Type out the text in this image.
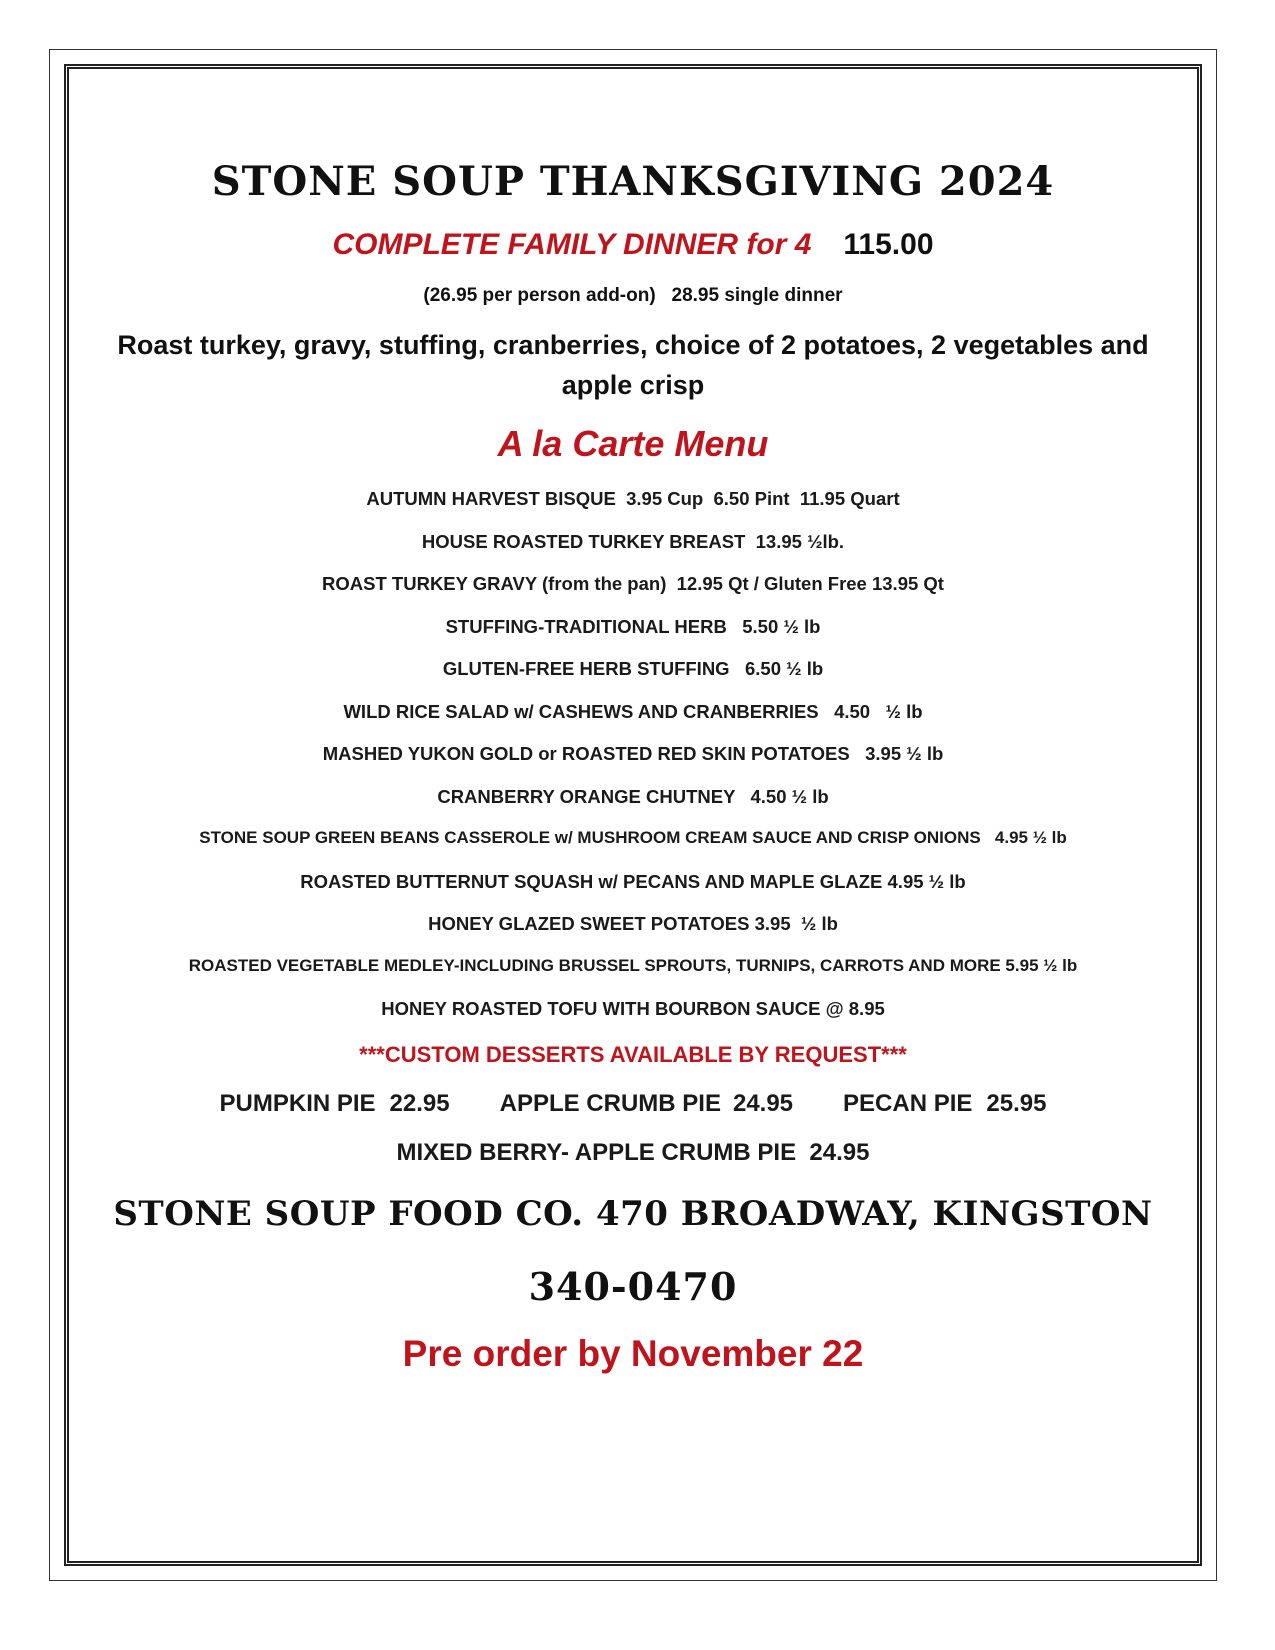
STONE SOUP THANKSGIVING 2024
COMPLETE FAMILY DINNER for 4 115.00
(26.95 per person add-on)   28.95 single dinner
Roast turkey, gravy, stuffing, cranberries, choice of 2 potatoes, 2 vegetables and
apple crisp
A la Carte Menu
AUTUMN HARVEST BISQUE  3.95 Cup  6.50 Pint  11.95 Quart
HOUSE ROASTED TURKEY BREAST  13.95 ½lb.
ROAST TURKEY GRAVY (from the pan)  12.95 Qt / Gluten Free 13.95 Qt
STUFFING-TRADITIONAL HERB   5.50 ½ lb
GLUTEN-FREE HERB STUFFING   6.50 ½ lb
WILD RICE SALAD w/ CASHEWS AND CRANBERRIES   4.50   ½ lb
MASHED YUKON GOLD or ROASTED RED SKIN POTATOES   3.95 ½ lb
CRANBERRY ORANGE CHUTNEY   4.50 ½ lb
STONE SOUP GREEN BEANS CASSEROLE w/ MUSHROOM CREAM SAUCE AND CRISP ONIONS   4.95 ½ lb
ROASTED BUTTERNUT SQUASH w/ PECANS AND MAPLE GLAZE 4.95 ½ lb
HONEY GLAZED SWEET POTATOES 3.95  ½ lb
ROASTED VEGETABLE MEDLEY-INCLUDING BRUSSEL SPROUTS, TURNIPS, CARROTS AND MORE 5.95 ½ lb
HONEY ROASTED TOFU WITH BOURBON SAUCE @ 8.95
***CUSTOM DESSERTS AVAILABLE BY REQUEST***
PUMPKIN PIE 22.95 APPLE CRUMB PIE 24.95 PECAN PIE 25.95
MIXED BERRY- APPLE CRUMB PIE  24.95
STONE SOUP FOOD CO. 470 BROADWAY, KINGSTON
340-0470
Pre order by November 22
